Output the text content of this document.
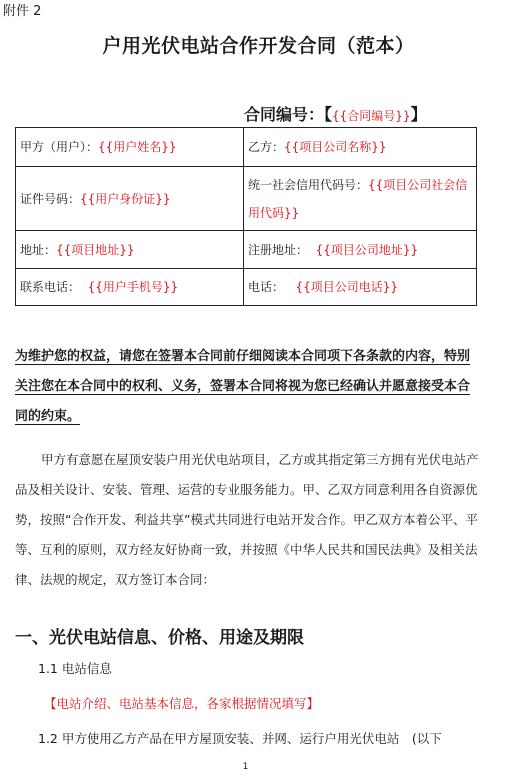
附件 2
户用光伏电站合作开发合同（范本）
合同编号：【{{合同编号}}】
甲方（用户）：{{用户姓名}}	乙方：{{项目公司名称}}
证件号码：{{用户身份证}}	统一社会信用代码号：{{项目公司社会信用代码}}
地址：{{项目地址}}	注册地址： {{项目公司地址}}
联系电话： {{用户手机号}}	电话： {{项目公司电话}}
为维护您的权益，请您在签署本合同前仔细阅读本合同项下各条款的内容，特别关注您在本合同中的权利、义务，签署本合同将视为您已经确认并愿意接受本合同的约束。
甲方有意愿在屋顶安装户用光伏电站项目，乙方或其指定第三方拥有光伏电站产品及相关设计、安装、管理、运营的专业服务能力。甲、乙双方同意利用各自资源优势，按照“合作开发、利益共享”模式共同进行电站开发合作。甲乙双方本着公平、平等、互利的原则，双方经友好协商一致，并按照《中华人民共和国民法典》及相关法律、法规的规定，双方签订本合同：
一、光伏电站信息、价格、用途及期限
1.1 电站信息
【电站介绍、电站基本信息，各家根据情况填写】
1.2 甲方使用乙方产品在甲方屋顶安装、并网、运行户用光伏电站　(以下
1
